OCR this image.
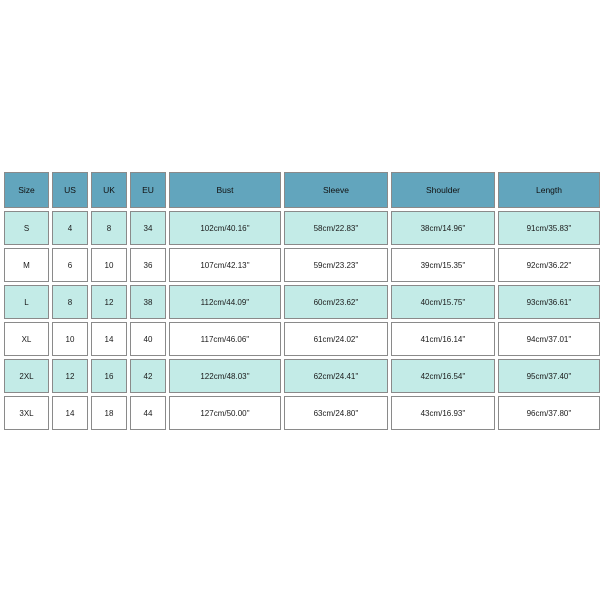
Size	US	UK	EU	Bust	Sleeve	Shoulder	Length
S	4	8	34	102cm/40.16''	58cm/22.83''	38cm/14.96''	91cm/35.83''
M	6	10	36	107cm/42.13''	59cm/23.23''	39cm/15.35''	92cm/36.22''
L	8	12	38	112cm/44.09''	60cm/23.62''	40cm/15.75''	93cm/36.61''
XL	10	14	40	117cm/46.06''	61cm/24.02''	41cm/16.14''	94cm/37.01''
2XL	12	16	42	122cm/48.03''	62cm/24.41''	42cm/16.54''	95cm/37.40''
3XL	14	18	44	127cm/50.00''	63cm/24.80''	43cm/16.93''	96cm/37.80''
